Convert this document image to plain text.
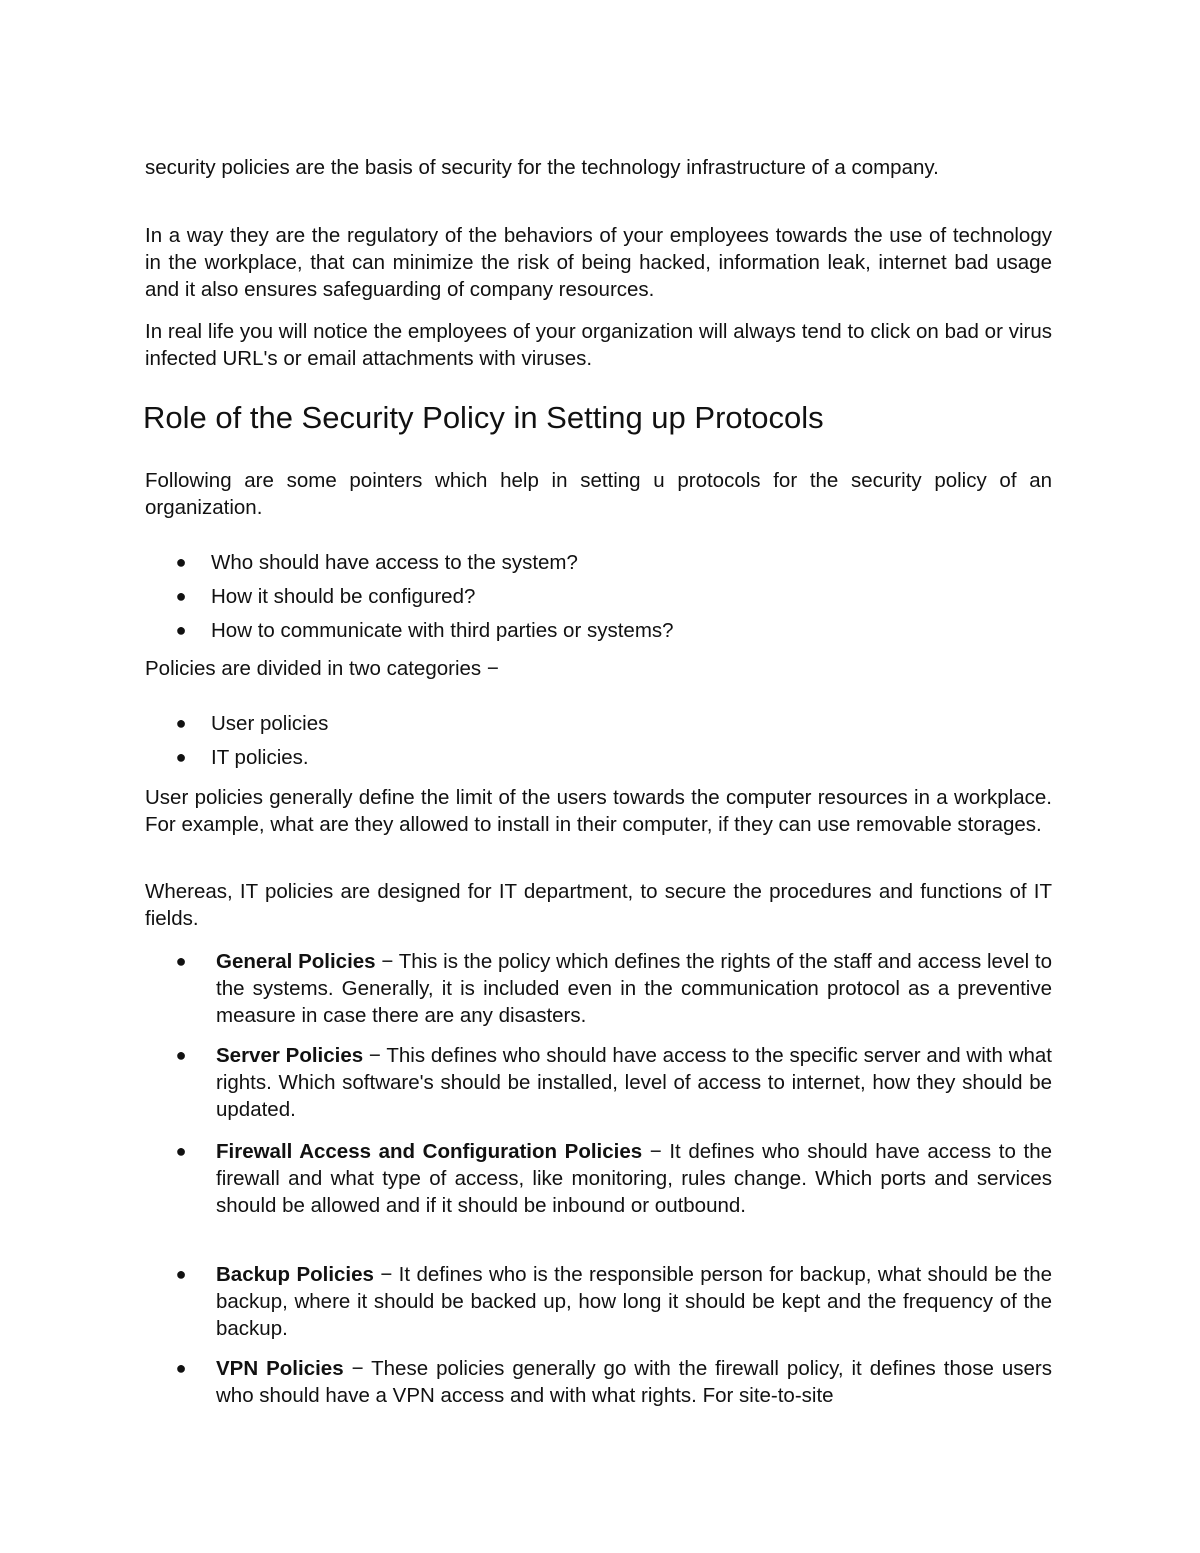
security policies are the basis of security for the technology infrastructure of a company.

In a way they are the regulatory of the behaviors of your employees towards the use of technology in the workplace, that can minimize the risk of being hacked, information leak, internet bad usage and it also ensures safeguarding of company resources.

In real life you will notice the employees of your organization will always tend to click on bad or virus infected URL's or email attachments with viruses.

Role of the Security Policy in Setting up Protocols

Following are some pointers which help in setting u protocols for the security policy of an organization.

● Who should have access to the system?
● How it should be configured?
● How to communicate with third parties or systems?

Policies are divided in two categories −

● User policies
● IT policies.

User policies generally define the limit of the users towards the computer resources in a workplace. For example, what are they allowed to install in their computer, if they can use removable storages.

Whereas, IT policies are designed for IT department, to secure the procedures and functions of IT fields.

● General Policies − This is the policy which defines the rights of the staff and access level to the systems. Generally, it is included even in the communication protocol as a preventive measure in case there are any disasters.
● Server Policies − This defines who should have access to the specific server and with what rights. Which software's should be installed, level of access to internet, how they should be updated.
● Firewall Access and Configuration Policies − It defines who should have access to the firewall and what type of access, like monitoring, rules change. Which ports and services should be allowed and if it should be inbound or outbound.
● Backup Policies − It defines who is the responsible person for backup, what should be the backup, where it should be backed up, how long it should be kept and the frequency of the backup.
● VPN Policies − These policies generally go with the firewall policy, it defines those users who should have a VPN access and with what rights. For site-to-site
